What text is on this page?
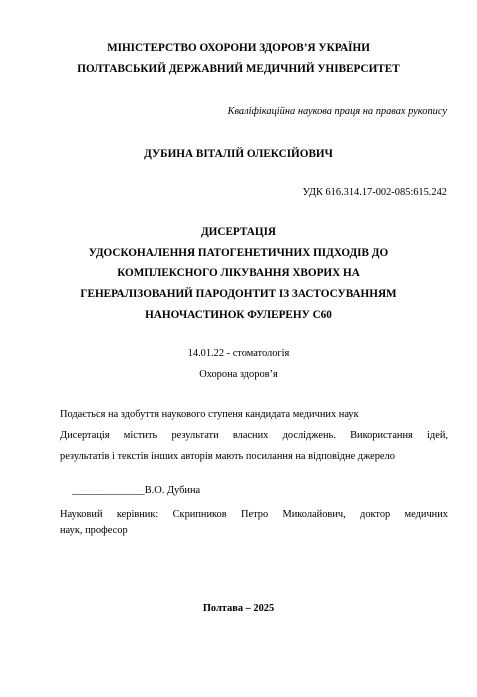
МІНІСТЕРСТВО ОХОРОНИ ЗДОРОВ’Я УКРАЇНИ
ПОЛТАВСЬКИЙ ДЕРЖАВНИЙ МЕДИЧНИЙ УНІВЕРСИТЕТ
Кваліфікаційна наукова праця на правах рукопису
ДУБИНА ВІТАЛІЙ ОЛЕКСІЙОВИЧ
УДК 616.314.17-002-085:615.242
ДИСЕРТАЦІЯ
УДОСКОНАЛЕННЯ ПАТОГЕНЕТИЧНИХ ПІДХОДІВ ДО
КОМПЛЕКСНОГО ЛІКУВАННЯ ХВОРИХ НА
ГЕНЕРАЛІЗОВАНИЙ ПАРОДОНТИТ ІЗ ЗАСТОСУВАННЯМ
НАНОЧАСТИНОК ФУЛЕРЕНУ С60
14.01.22 - стоматологія
Охорона здоров’я
Подається на здобуття наукового ступеня кандидата медичних наук
Дисертація містить результати власних досліджень. Використання ідей,
результатів і текстів інших авторів мають посилання на відповідне джерело
______________В.О. Дубина
Науковий керівник: Скрипников Петро Миколайович, доктор медичних
наук, професор
Полтава – 2025
